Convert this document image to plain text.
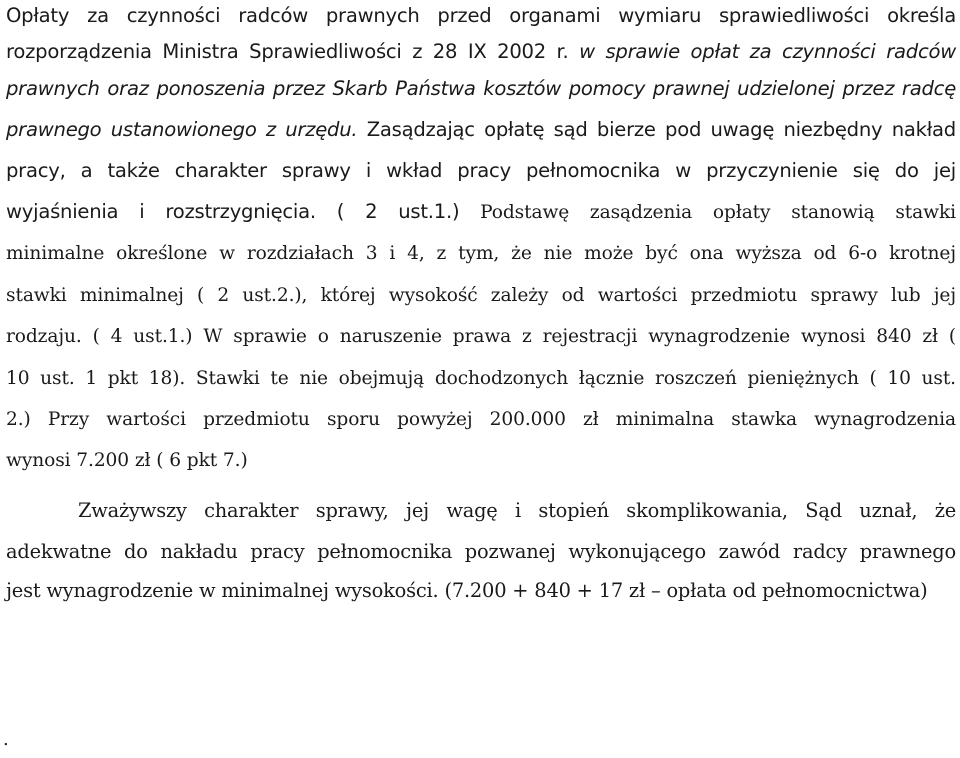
Opłaty za czynności radców prawnych przed organami wymiaru sprawiedliwości określa
rozporządzenia Ministra Sprawiedliwości z 28 IX 2002 r. w sprawie opłat za czynności radców
prawnych oraz ponoszenia przez Skarb Państwa kosztów pomocy prawnej udzielonej przez radcę
prawnego ustanowionego z urzędu. Zasądzając opłatę sąd bierze pod uwagę niezbędny nakład
pracy, a także charakter sprawy i wkład pracy pełnomocnika w przyczynienie się do jej
wyjaśnienia i rozstrzygnięcia. ( 2 ust.1.) Podstawę zasądzenia opłaty stanowią stawki
minimalne określone w rozdziałach 3 i 4, z tym, że nie może być ona wyższa od 6-o krotnej
stawki minimalnej ( 2 ust.2.), której wysokość zależy od wartości przedmiotu sprawy lub jej
rodzaju. ( 4 ust.1.) W sprawie o naruszenie prawa z rejestracji wynagrodzenie wynosi 840 zł (
10 ust. 1 pkt 18). Stawki te nie obejmują dochodzonych łącznie roszczeń pieniężnych ( 10 ust.
2.) Przy wartości przedmiotu sporu powyżej 200.000 zł minimalna stawka wynagrodzenia
wynosi 7.200 zł ( 6 pkt 7.)
Zważywszy charakter sprawy, jej wagę i stopień skomplikowania, Sąd uznał, że
adekwatne do nakładu pracy pełnomocnika pozwanej wykonującego zawód radcy prawnego
jest wynagrodzenie w minimalnej wysokości. (7.200 + 840 + 17 zł – opłata od pełnomocnictwa)
.
